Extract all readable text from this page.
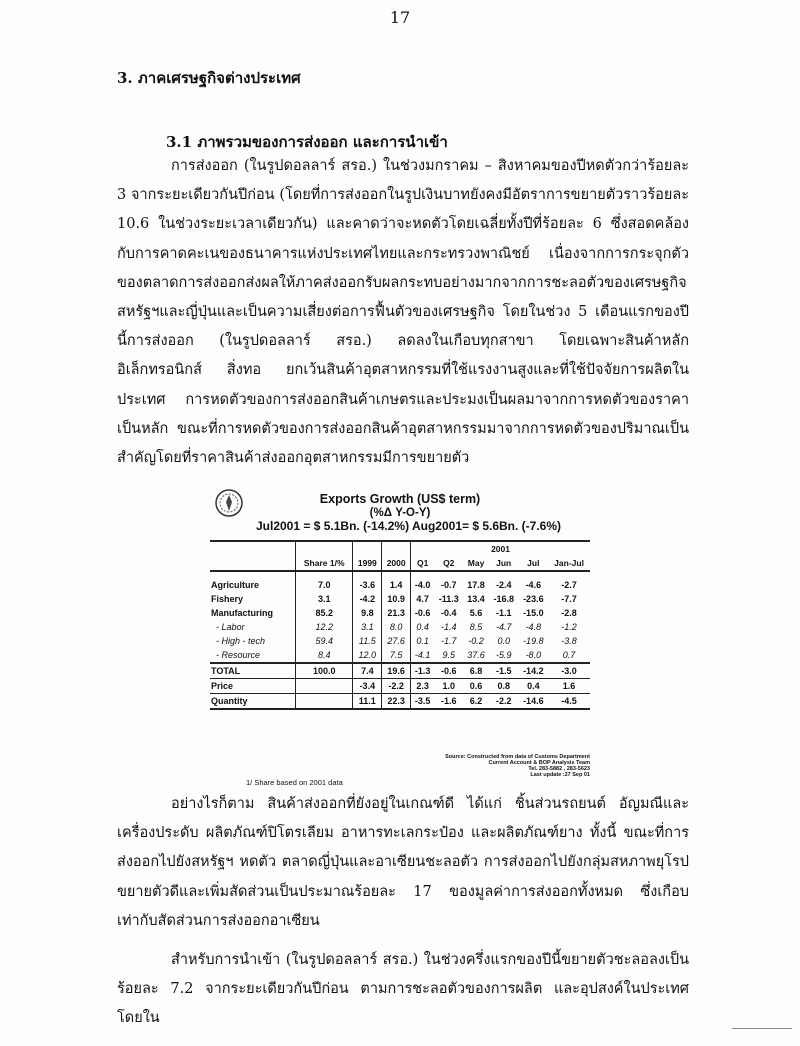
17
3. ภาคเศรษฐกิจต่างประเทศ
3.1 ภาพรวมของการส่งออก และการนำเข้า
การส่งออก (ในรูปดอลลาร์ สรอ.) ในช่วงมกราคม – สิงหาคมของปีหดตัวกว่าร้อยละ 3 จากระยะเดียวกันปีก่อน (โดยที่การส่งออกในรูปเงินบาทยังคงมีอัตราการขยายตัวราวร้อยละ 10.6 ในช่วงระยะเวลาเดียวกัน) และคาดว่าจะหดตัวโดยเฉลี่ยทั้งปีที่ร้อยละ 6 ซึ่งสอดคล้องกับการคาดคะเนของธนาคารแห่งประเทศไทยและกระทรวงพาณิชย์ เนื่องจากการกระจุกตัวของตลาดการส่งออกส่งผลให้ภาคส่งออกรับผลกระทบอย่างมากจากการชะลอตัวของเศรษฐกิจสหรัฐฯและญี่ปุ่นและเป็นความเสี่ยงต่อการฟื้นตัวของเศรษฐกิจ โดยในช่วง 5 เดือนแรกของปีนี้การส่งออก (ในรูปดอลลาร์ สรอ.) ลดลงในเกือบทุกสาขา โดยเฉพาะสินค้าหลัก อิเล็กทรอนิกส์ สิ่งทอ ยกเว้นสินค้าอุตสาหกรรมที่ใช้แรงงานสูงและที่ใช้ปัจจัยการผลิตในประเทศ การหดตัวของการส่งออกสินค้าเกษตรและประมงเป็นผลมาจากการหดตัวของราคาเป็นหลัก ขณะที่การหดตัวของการส่งออกสินค้าอุตสาหกรรมมาจากการหดตัวของปริมาณเป็นสำคัญโดยที่ราคาสินค้าส่งออกอุตสาหกรรมมีการขยายตัว
Exports Growth (US$ term)
(%Δ Y-O-Y)
Jul2001 = $ 5.1Bn. (-14.2%) Aug2001= $ 5.6Bn. (-7.6%)
				2001					
	Share 1/%	1999	2000	Q1	Q2	May	Jun	Jul	Jan-Jul

Agriculture	7.0	-3.6	1.4	-4.0	-0.7	17.8	-2.4	-4.6	-2.7
Fishery	3.1	-4.2	10.9	4.7	-11.3	13.4	-16.8	-23.6	-7.7
Manufacturing	85.2	9.8	21.3	-0.6	-0.4	5.6	-1.1	-15.0	-2.8
- Labor	12.2	3.1	8.0	0.4	-1.4	8.5	-4.7	-4.8	-1.2
- High - tech	59.4	11.5	27.6	0.1	-1.7	-0.2	0.0	-19.8	-3.8
- Resource	8.4	12.0	7.5	-4.1	9.5	37.6	-5.9	-8.0	0.7
TOTAL	100.0	7.4	19.6	-1.3	-0.6	6.8	-1.5	-14.2	-3.0
Price		-3.4	-2.2	2.3	1.0	0.6	0.8	0.4	1.6
Quantity		11.1	22.3	-3.5	-1.6	6.2	-2.2	-14.6	-4.5
Source: Constructed from data of Customs Department
Current Account & BOP Analysis Team
Tel. 283-5882 , 283-5623
Last update :27 Sep 01
1/ Share based on 2001 data
อย่างไรก็ตาม สินค้าส่งออกที่ยังอยู่ในเกณฑ์ดี ได้แก่ ชิ้นส่วนรถยนต์ อัญมณีและเครื่องประดับ ผลิตภัณฑ์ปิโตรเลียม อาหารทะเลกระป๋อง และผลิตภัณฑ์ยาง ทั้งนี้ ขณะที่การส่งออกไปยังสหรัฐฯ หดตัว ตลาดญี่ปุ่นและอาเซียนชะลอตัว การส่งออกไปยังกลุ่มสหภาพยุโรปขยายตัวดีและเพิ่มสัดส่วนเป็นประมาณร้อยละ 17 ของมูลค่าการส่งออกทั้งหมด ซึ่งเกือบเท่ากับสัดส่วนการส่งออกอาเซียน
สำหรับการนำเข้า (ในรูปดอลลาร์ สรอ.) ในช่วงครึ่งแรกของปีนี้ขยายตัวชะลอลงเป็นร้อยละ 7.2 จากระยะเดียวกันปีก่อน ตามการชะลอตัวของการผลิต และอุปสงค์ในประเทศ โดยใน
